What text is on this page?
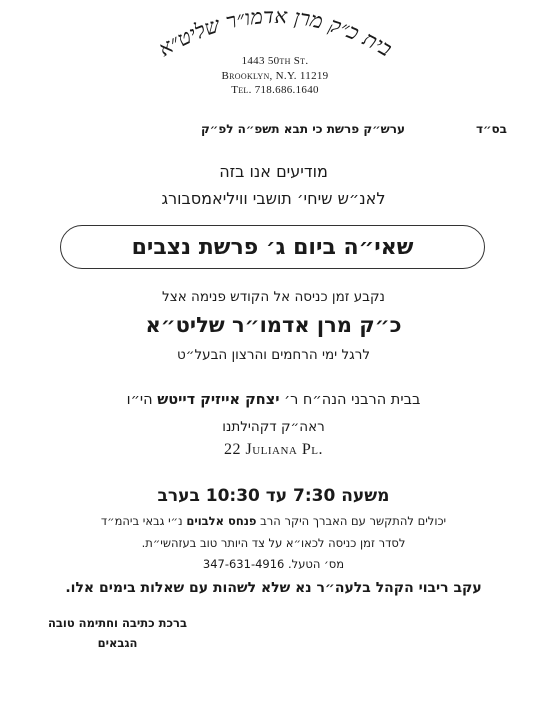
בית כ״ק מרן אדמו״ר שליט״א
1443 50th St.
Brooklyn, N.Y. 11219
Tel. 718.686.1640
בס״ד
ערש״ק פרשת כי תבא תשפ״ה לפ״ק
מודיעים אנו בזה
לאנ״ש שיחי׳ תושבי וויליאמסבורג
שאי״ה ביום ג׳ פרשת נצבים
נקבע זמן כניסה אל הקודש פנימה אצל
כ״ק מרן אדמו״ר שליט״א
לרגל ימי הרחמים והרצון הבעל״ט
בבית הרבני הנה״ח ר׳ יצחק אייזיק דייטש הי״ו
ראה״ק דקהילתנו
22 Juliana Pl.
משעה 7:30 עד 10:30 בערב
יכולים להתקשר עם האברך היקר הרב פנחס אלבוים נ״י גבאי ביהמ״ד
לסדר זמן כניסה לכאו״א על צד היותר טוב בעזהשי״ת.
מס׳ הטעל. 347-631-4916
עקב ריבוי הקהל בלעה״ר נא שלא לשהות עם שאלות בימים אלו.
ברכת כתיבה וחתימה טובה
הגבאים
